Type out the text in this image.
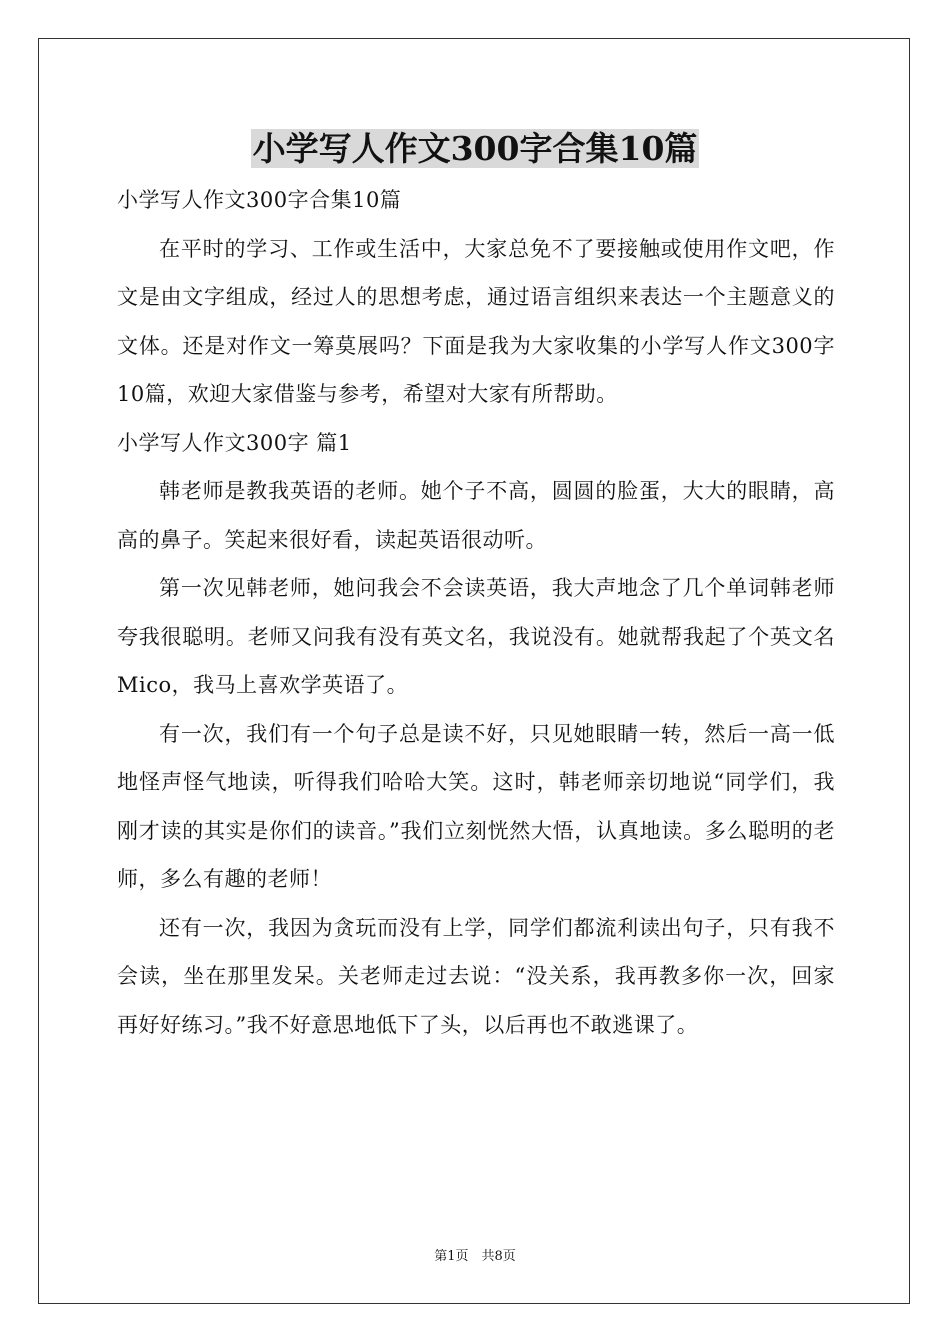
小学写人作文300字合集10篇

小学写人作文300字合集10篇

在平时的学习、工作或生活中，大家总免不了要接触或使用作文吧，作文是由文字组成，经过人的思想考虑，通过语言组织来表达一个主题意义的文体。还是对作文一筹莫展吗？下面是我为大家收集的小学写人作文300字10篇，欢迎大家借鉴与参考，希望对大家有所帮助。

小学写人作文300字 篇1

韩老师是教我英语的老师。她个子不高，圆圆的脸蛋，大大的眼睛，高高的鼻子。笑起来很好看，读起英语很动听。

第一次见韩老师，她问我会不会读英语，我大声地念了几个单词韩老师夸我很聪明。老师又问我有没有英文名，我说没有。她就帮我起了个英文名Mico，我马上喜欢学英语了。

有一次，我们有一个句子总是读不好，只见她眼睛一转，然后一高一低地怪声怪气地读，听得我们哈哈大笑。这时，韩老师亲切地说“同学们，我刚才读的其实是你们的读音。”我们立刻恍然大悟，认真地读。多么聪明的老师，多么有趣的老师！

还有一次，我因为贪玩而没有上学，同学们都流利读出句子，只有我不会读，坐在那里发呆。关老师走过去说：“没关系，我再教多你一次，回家再好好练习。”我不好意思地低下了头，以后再也不敢逃课了。

第1页　共8页
